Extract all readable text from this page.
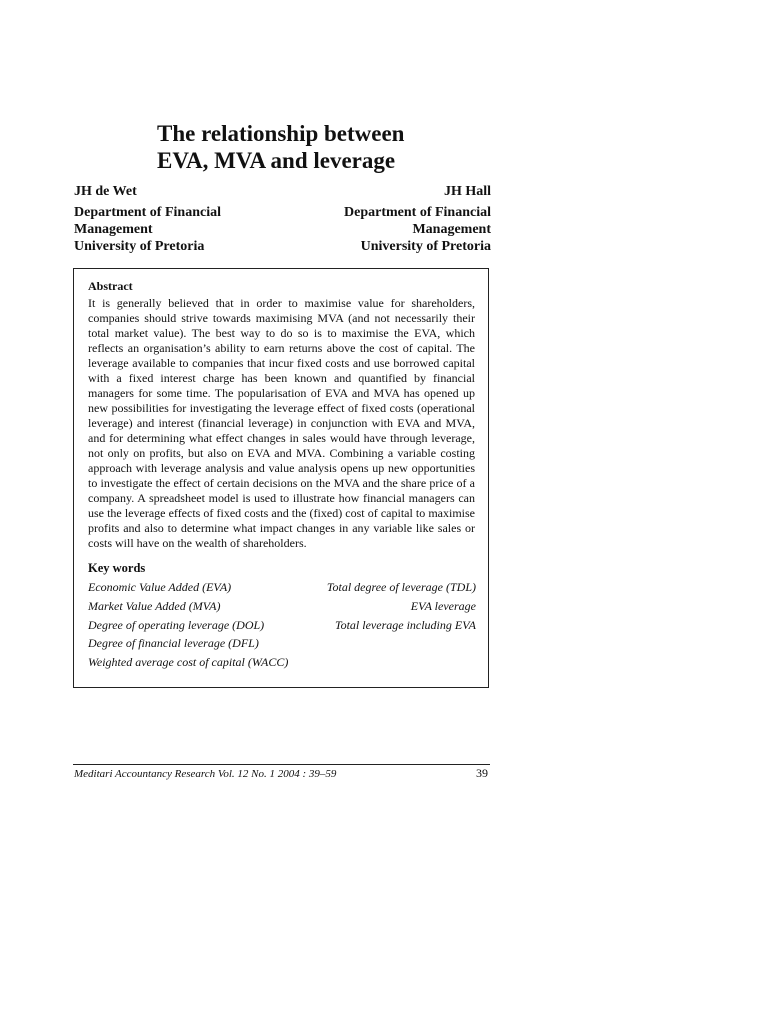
The relationship between
EVA, MVA and leverage
JH de Wet
Department of Financial
Management
University of Pretoria
JH Hall
Department of Financial
Management
University of Pretoria
Abstract

It is generally believed that in order to maximise value for shareholders, companies should strive towards maximising MVA (and not necessarily their total market value). The best way to do so is to maximise the EVA, which reflects an organisation’s ability to earn returns above the cost of capital. The leverage available to companies that incur fixed costs and use borrowed capital with a fixed interest charge has been known and quantified by financial managers for some time. The popularisation of EVA and MVA has opened up new possibilities for investigating the leverage effect of fixed costs (operational leverage) and interest (financial leverage) in conjunction with EVA and MVA, and for determining what effect changes in sales would have through leverage, not only on profits, but also on EVA and MVA. Combining a variable costing approach with leverage analysis and value analysis opens up new opportunities to investigate the effect of certain decisions on the MVA and the share price of a company. A spreadsheet model is used to illustrate how financial managers can use the leverage effects of fixed costs and the (fixed) cost of capital to maximise profits and also to determine what impact changes in any variable like sales or costs will have on the wealth of shareholders.

Key words
Economic Value Added (EVA)	Total degree of leverage (TDL)
Market Value Added (MVA)	EVA leverage
Degree of operating leverage (DOL)	Total leverage including EVA
Degree of financial leverage (DFL)
Weighted average cost of capital (WACC)
Meditari Accountancy Research Vol. 12 No. 1 2004 : 39–59	39
